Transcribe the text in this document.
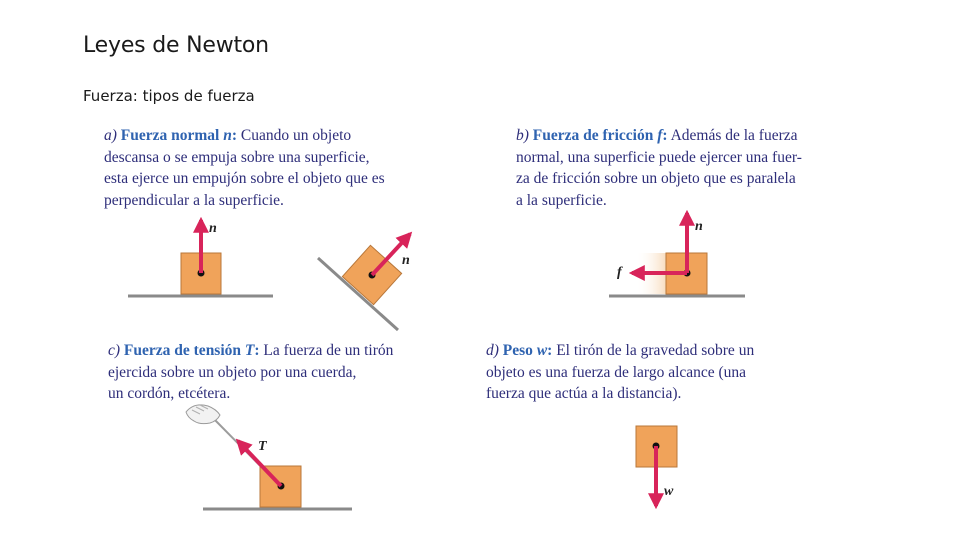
Leyes de Newton
Fuerza: tipos de fuerza
a) Fuerza normal n: Cuando un objeto
descansa o se empuja sobre una superficie,
esta ejerce un empujón sobre el objeto que es
perpendicular a la superficie.
b) Fuerza de fricción f: Además de la fuerza
normal, una superficie puede ejercer una fuer-
za de fricción sobre un objeto que es paralela
a la superficie.
c) Fuerza de tensión T: La fuerza de un tirón
ejercida sobre un objeto por una cuerda,
un cordón, etcétera.
d) Peso w: El tirón de la gravedad sobre un
objeto es una fuerza de largo alcance (una
fuerza que actúa a la distancia).
n
n
n
f
T
w
